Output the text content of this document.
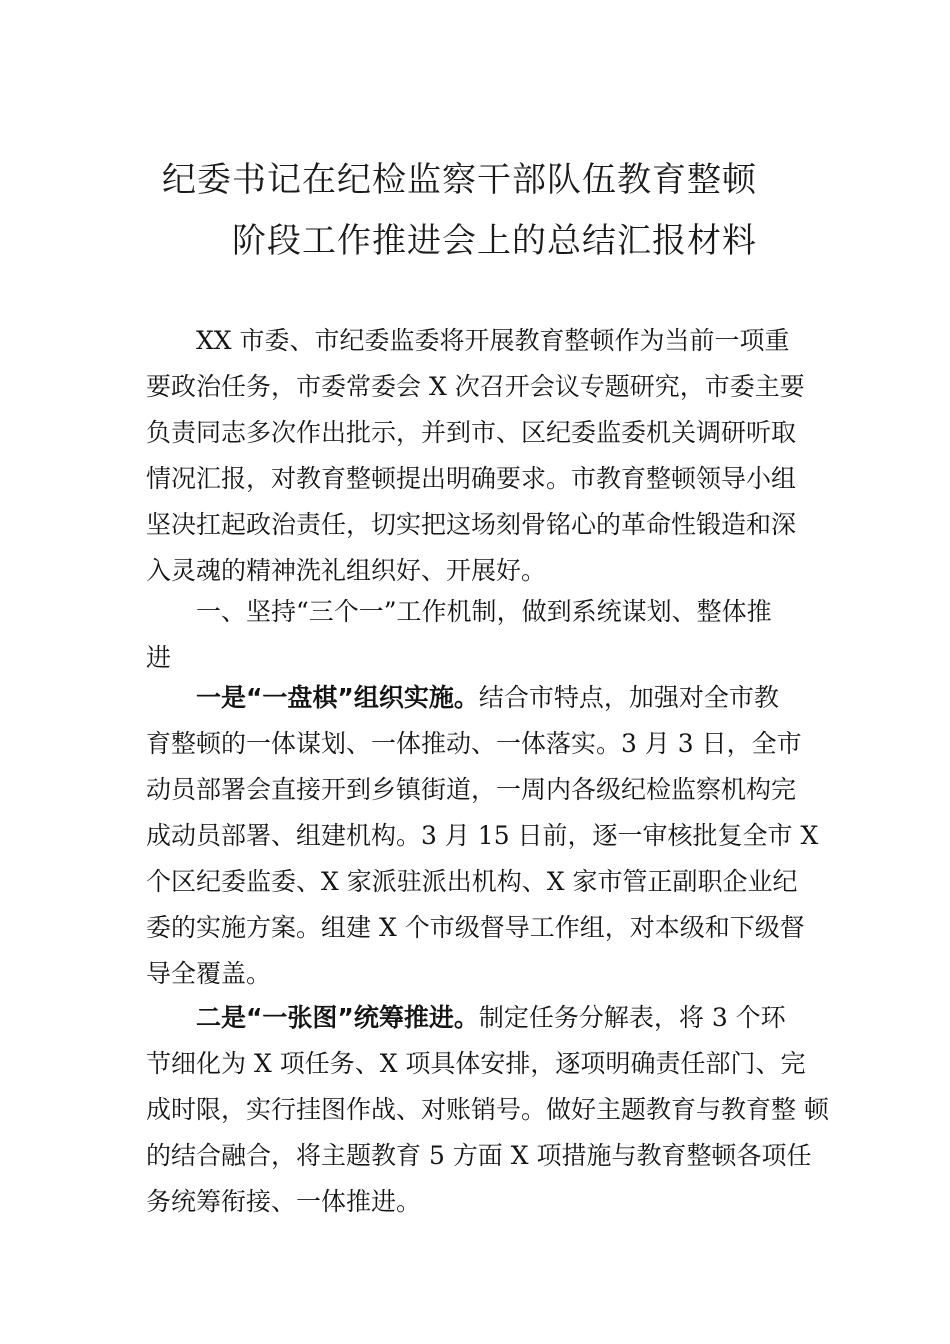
纪委书记在纪检监察干部队伍教育整顿
阶段工作推进会上的总结汇报材料

XX 市委、市纪委监委将开展教育整顿作为当前一项重
要政治任务，市委常委会 X 次召开会议专题研究，市委主要
负责同志多次作出批示，并到市、区纪委监委机关调研听取
情况汇报，对教育整顿提出明确要求。市教育整顿领导小组
坚决扛起政治责任，切实把这场刻骨铭心的革命性锻造和深
入灵魂的精神洗礼组织好、开展好。

一、坚持“三个一”工作机制，做到系统谋划、整体推
进

一是“一盘棋”组织实施。结合市特点，加强对全市教
育整顿的一体谋划、一体推动、一体落实。3 月 3 日，全市
动员部署会直接开到乡镇街道，一周内各级纪检监察机构完
成动员部署、组建机构。3 月 15 日前，逐一审核批复全市 X
个区纪委监委、X 家派驻派出机构、X 家市管正副职企业纪
委的实施方案。组建 X 个市级督导工作组，对本级和下级督
导全覆盖。

二是“一张图”统筹推进。制定任务分解表，将 3 个环
节细化为 X 项任务、X 项具体安排，逐项明确责任部门、完
成时限，实行挂图作战、对账销号。做好主题教育与教育整 顿
的结合融合，将主题教育 5 方面 X 项措施与教育整顿各项任
务统筹衔接、一体推进。
